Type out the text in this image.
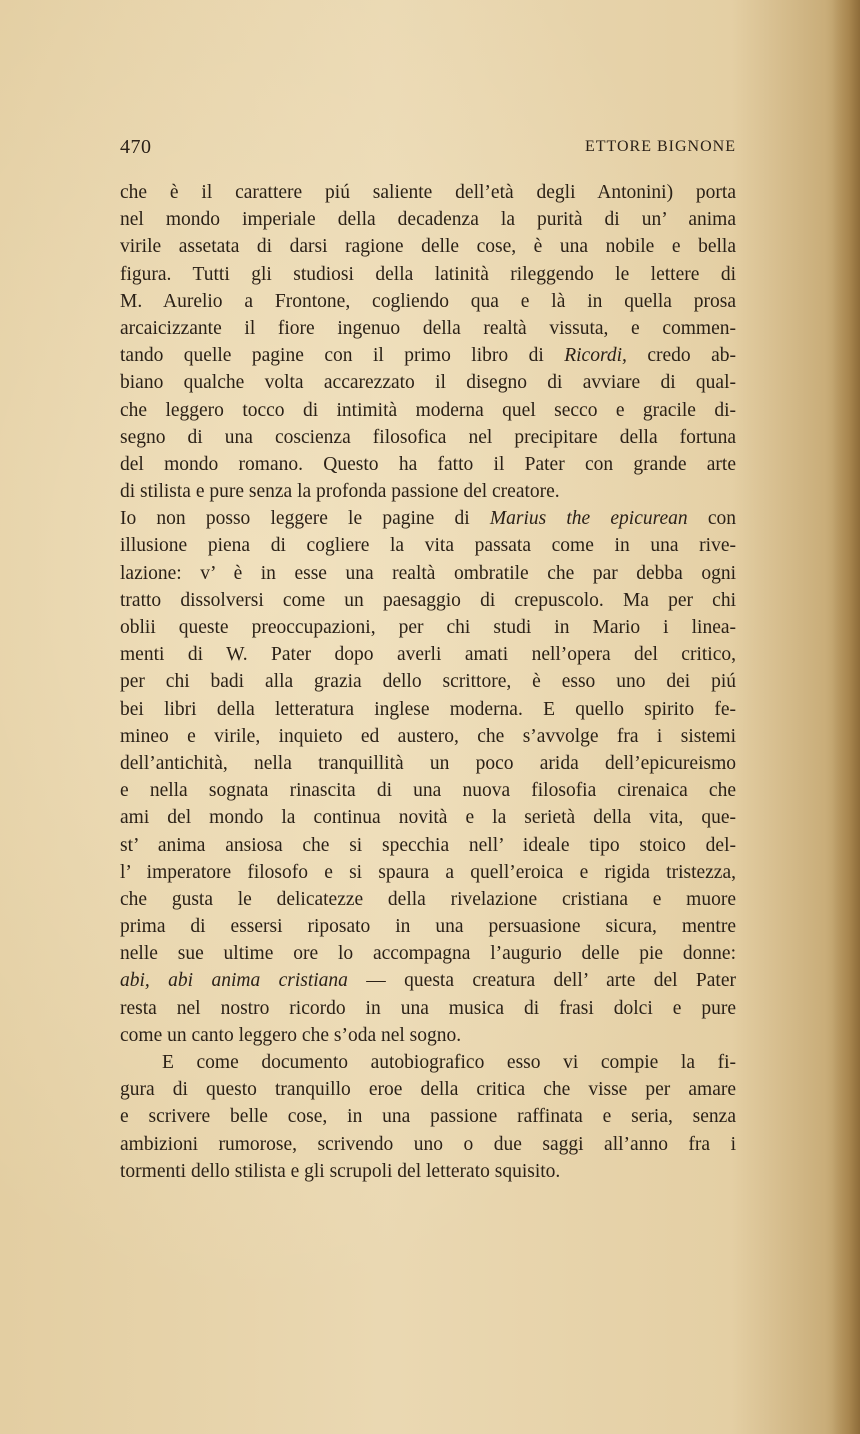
470	ETTORE BIGNONE
che è il carattere piú saliente dell’età degli Antonini) porta
nel mondo imperiale della decadenza la purità di un’ anima
virile assetata di darsi ragione delle cose, è una nobile e bella
figura. Tutti gli studiosi della latinità rileggendo le lettere di
M. Aurelio a Frontone, cogliendo qua e là in quella prosa
arcaicizzante il fiore ingenuo della realtà vissuta, e commen-
tando quelle pagine con il primo libro di Ricordi, credo ab-
biano qualche volta accarezzato il disegno di avviare di qual-
che leggero tocco di intimità moderna quel secco e gracile di-
segno di una coscienza filosofica nel precipitare della fortuna
del mondo romano. Questo ha fatto il Pater con grande arte
di stilista e pure senza la profonda passione del creatore.
Io non posso leggere le pagine di Marius the epicurean con
illusione piena di cogliere la vita passata come in una rive-
lazione: v’ è in esse una realtà ombratile che par debba ogni
tratto dissolversi come un paesaggio di crepuscolo. Ma per chi
oblii queste preoccupazioni, per chi studi in Mario i linea-
menti di W. Pater dopo averli amati nell’opera del critico,
per chi badi alla grazia dello scrittore, è esso uno dei piú
bei libri della letteratura inglese moderna. E quello spirito fe-
mineo e virile, inquieto ed austero, che s’avvolge fra i sistemi
dell’antichità, nella tranquillità un poco arida dell’epicureismo
e nella sognata rinascita di una nuova filosofia cirenaica che
ami del mondo la continua novità e la serietà della vita, que-
st’ anima ansiosa che si specchia nell’ ideale tipo stoico del-
l’ imperatore filosofo e si spaura a quell’eroica e rigida tristezza,
che gusta le delicatezze della rivelazione cristiana e muore
prima di essersi riposato in una persuasione sicura, mentre
nelle sue ultime ore lo accompagna l’augurio delle pie donne:
abi, abi anima cristiana — questa creatura dell’ arte del Pater
resta nel nostro ricordo in una musica di frasi dolci e pure
come un canto leggero che s’oda nel sogno.
E come documento autobiografico esso vi compie la fi-
gura di questo tranquillo eroe della critica che visse per amare
e scrivere belle cose, in una passione raffinata e seria, senza
ambizioni rumorose, scrivendo uno o due saggi all’anno fra i
tormenti dello stilista e gli scrupoli del letterato squisito.
